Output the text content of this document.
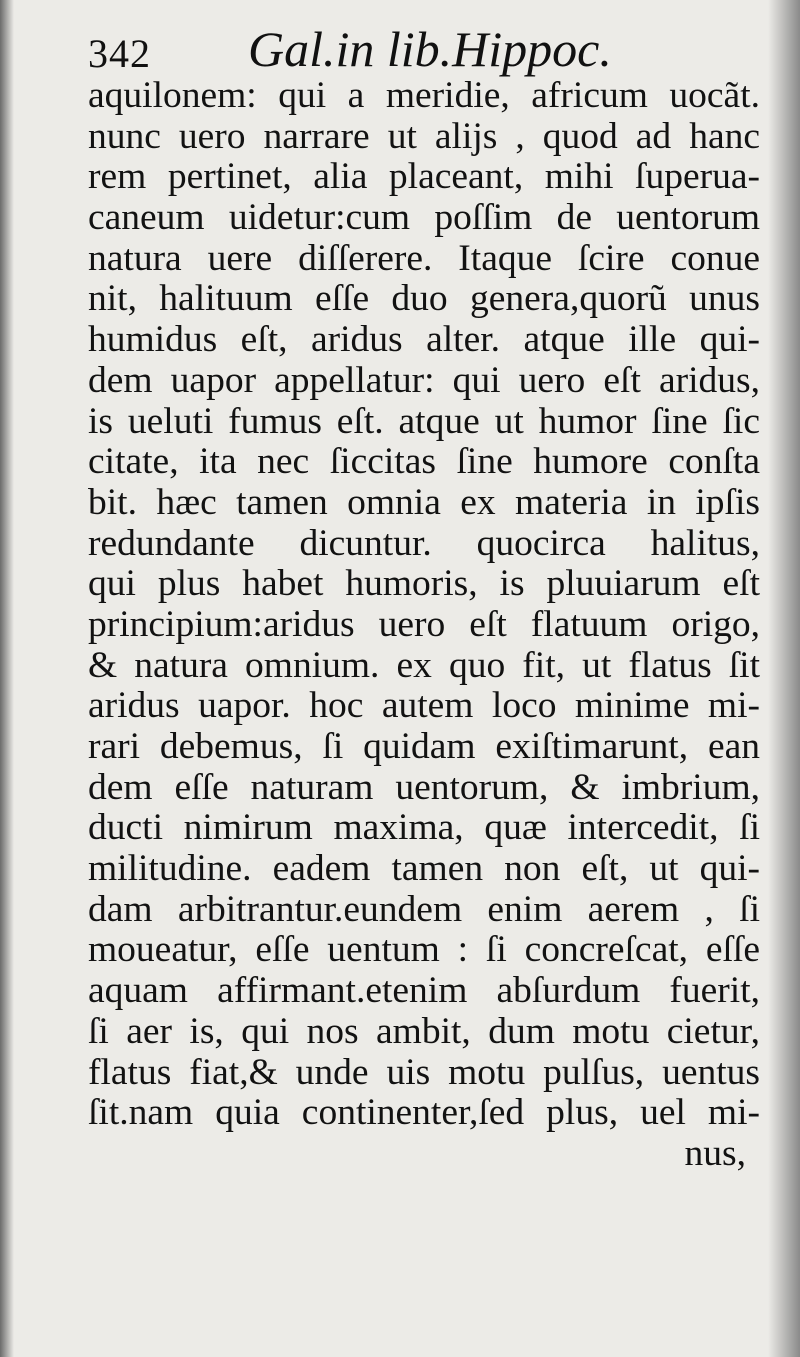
342 Gal.in lib.Hippoc.
aquilonem: qui a meridie, africum uocãt.
nunc uero narrare ut alijs , quod ad hanc
rem pertinet, alia placeant, mihi ſuperua-
caneum uidetur:cum poſſim de uentorum
natura uere diſſerere. Itaque ſcire conue
nit, halituum eſſe duo genera,quorũ unus
humidus eſt, aridus alter. atque ille qui-
dem uapor appellatur: qui uero eſt aridus,
is ueluti fumus eſt. atque ut humor ſine ſic
citate, ita nec ſiccitas ſine humore conſta
bit. hæc tamen omnia ex materia in ipſis
redundante dicuntur. quocirca halitus,
qui plus habet humoris, is pluuiarum eſt
principium:aridus uero eſt flatuum origo,
& natura omnium. ex quo fit, ut flatus ſit
aridus uapor. hoc autem loco minime mi-
rari debemus, ſi quidam exiſtimarunt, ean
dem eſſe naturam uentorum, & imbrium,
ducti nimirum maxima, quæ intercedit, ſi
militudine. eadem tamen non eſt, ut qui-
dam arbitrantur.eundem enim aerem , ſi
moueatur, eſſe uentum : ſi concreſcat, eſſe
aquam affirmant.etenim abſurdum fuerit,
ſi aer is, qui nos ambit, dum motu cietur,
flatus fiat,& unde uis motu pulſus, uentus
ſit.nam quia continenter,ſed plus, uel mi-
nus,
